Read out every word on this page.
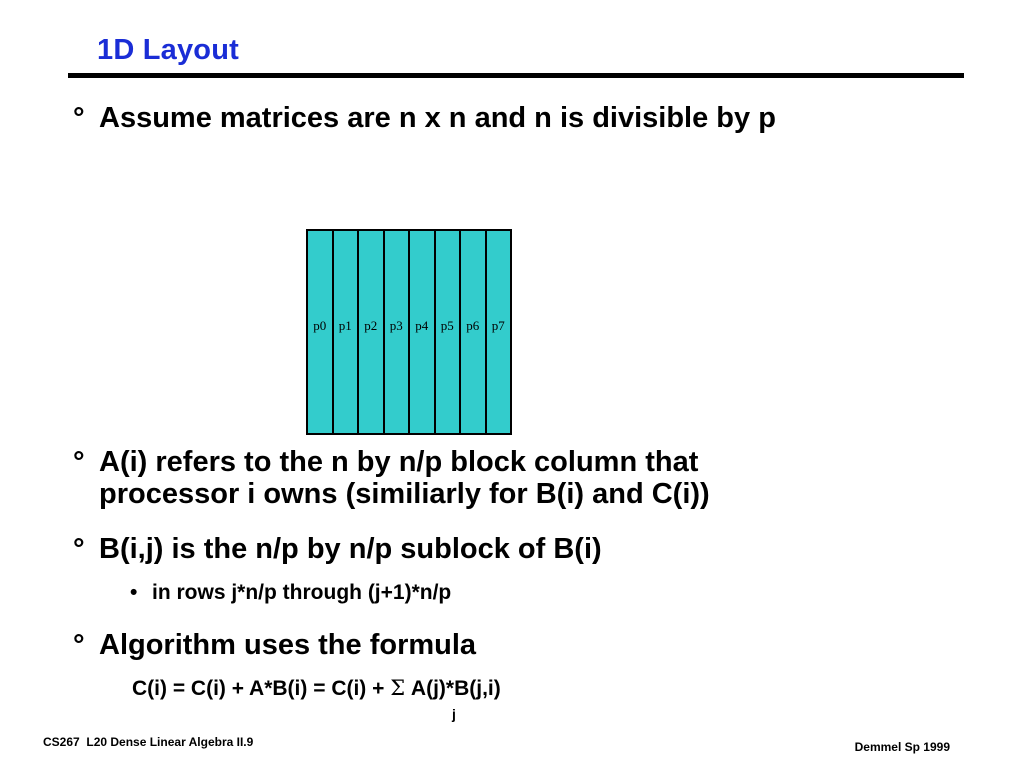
1D Layout
° Assume matrices are n x n and n is divisible by p
p0 p1 p2 p3 p4 p5 p6 p7
° A(i) refers to the n by n/p block column that
processor i owns (similiarly for B(i) and C(i))
° B(i,j) is the n/p by n/p sublock of B(i)
• in rows j*n/p through (j+1)*n/p
° Algorithm uses the formula
C(i) = C(i) + A*B(i) = C(i) + Σ A(j)*B(j,i)
j
CS267  L20 Dense Linear Algebra II.9	Demmel Sp 1999
